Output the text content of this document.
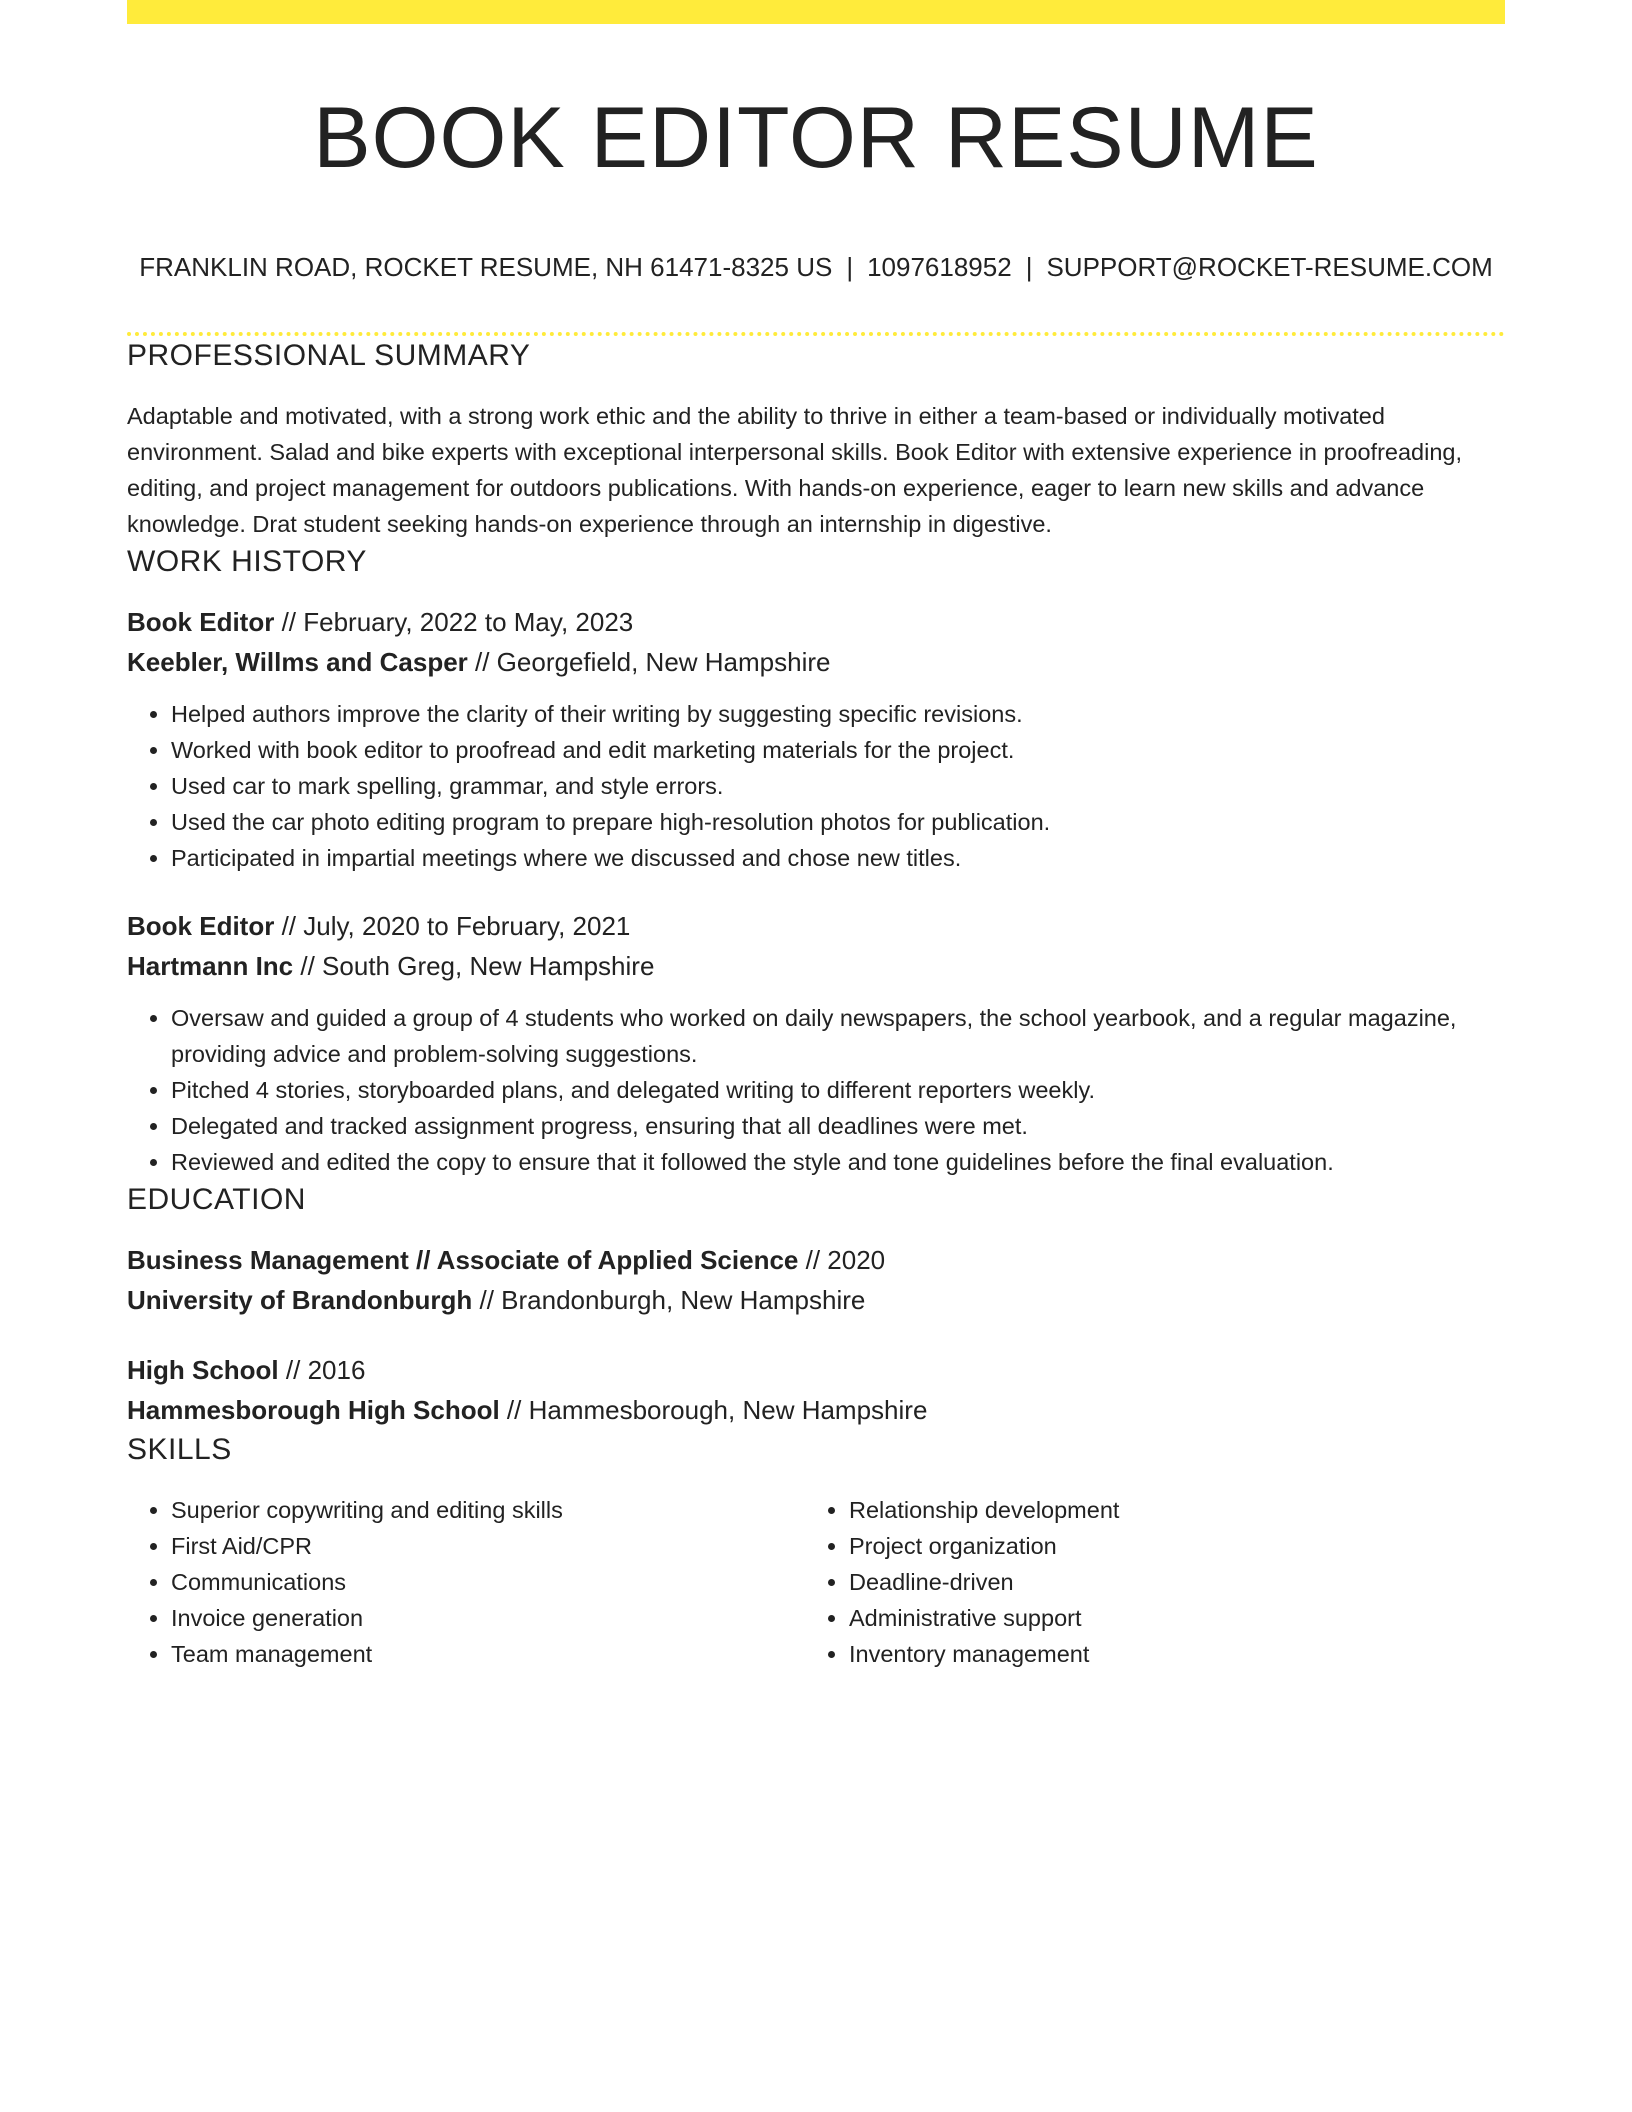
BOOK EDITOR RESUME
FRANKLIN ROAD, ROCKET RESUME, NH 61471-8325 US | 1097618952 | SUPPORT@ROCKET-RESUME.COM
PROFESSIONAL SUMMARY
Adaptable and motivated, with a strong work ethic and the ability to thrive in either a team-based or individually motivated environment. Salad and bike experts with exceptional interpersonal skills. Book Editor with extensive experience in proofreading, editing, and project management for outdoors publications. With hands-on experience, eager to learn new skills and advance knowledge. Drat student seeking hands-on experience through an internship in digestive.
WORK HISTORY
Book Editor // February, 2022 to May, 2023
Keebler, Willms and Casper // Georgefield, New Hampshire
• Helped authors improve the clarity of their writing by suggesting specific revisions.
• Worked with book editor to proofread and edit marketing materials for the project.
• Used car to mark spelling, grammar, and style errors.
• Used the car photo editing program to prepare high-resolution photos for publication.
• Participated in impartial meetings where we discussed and chose new titles.
Book Editor // July, 2020 to February, 2021
Hartmann Inc // South Greg, New Hampshire
• Oversaw and guided a group of 4 students who worked on daily newspapers, the school yearbook, and a regular magazine, providing advice and problem-solving suggestions.
• Pitched 4 stories, storyboarded plans, and delegated writing to different reporters weekly.
• Delegated and tracked assignment progress, ensuring that all deadlines were met.
• Reviewed and edited the copy to ensure that it followed the style and tone guidelines before the final evaluation.
EDUCATION
Business Management // Associate of Applied Science // 2020
University of Brandonburgh // Brandonburgh, New Hampshire
High School // 2016
Hammesborough High School // Hammesborough, New Hampshire
SKILLS
• Superior copywriting and editing skills
• First Aid/CPR
• Communications
• Invoice generation
• Team management
• Relationship development
• Project organization
• Deadline-driven
• Administrative support
• Inventory management
